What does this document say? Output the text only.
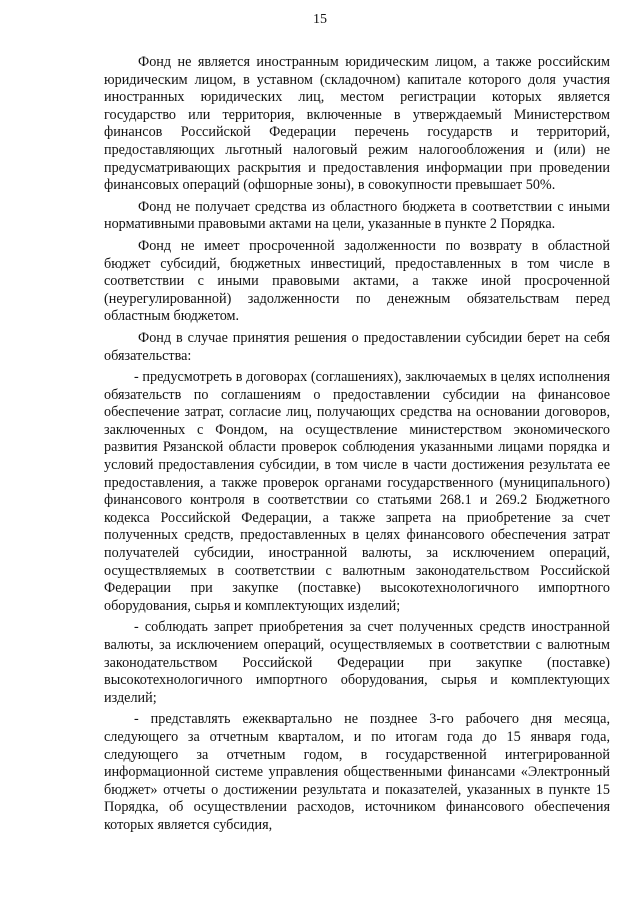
15

Фонд не является иностранным юридическим лицом, а также российским юридическим лицом, в уставном (складочном) капитале которого доля участия иностранных юридических лиц, местом регистрации которых является государство или территория, включенные в утверждаемый Министерством финансов Российской Федерации перечень государств и территорий, предоставляющих льготный налоговый режим налогообложения и (или) не предусматривающих раскрытия и предоставления информации при проведении финансовых операций (офшорные зоны), в совокупности превышает 50%.

Фонд не получает средства из областного бюджета в соответствии с иными нормативными правовыми актами на цели, указанные в пункте 2 Порядка.

Фонд не имеет просроченной задолженности по возврату в областной бюджет субсидий, бюджетных инвестиций, предоставленных в том числе в соответствии с иными правовыми актами, а также иной просроченной (неурегулированной) задолженности по денежным обязательствам перед областным бюджетом.

Фонд в случае принятия решения о предоставлении субсидии берет на себя обязательства:

- предусмотреть в договорах (соглашениях), заключаемых в целях исполнения обязательств по соглашениям о предоставлении субсидии на финансовое обеспечение затрат, согласие лиц, получающих средства на основании договоров, заключенных с Фондом, на осуществление министерством экономического развития Рязанской области проверок соблюдения указанными лицами порядка и условий предоставления субсидии, в том числе в части достижения результата ее предоставления, а также проверок органами государственного (муниципального) финансового контроля в соответствии со статьями 268.1 и 269.2 Бюджетного кодекса Российской Федерации, а также запрета на приобретение за счет полученных средств, предоставленных в целях финансового обеспечения затрат получателей субсидии, иностранной валюты, за исключением операций, осуществляемых в соответствии с валютным законодательством Российской Федерации при закупке (поставке) высокотехнологичного импортного оборудования, сырья и комплектующих изделий;

- соблюдать запрет приобретения за счет полученных средств иностранной валюты, за исключением операций, осуществляемых в соответствии с валютным законодательством Российской Федерации при закупке (поставке) высокотехнологичного импортного оборудования, сырья и комплектующих изделий;

- представлять ежеквартально не позднее 3-го рабочего дня месяца, следующего за отчетным кварталом, и по итогам года до 15 января года, следующего за отчетным годом, в государственной интегрированной информационной системе управления общественными финансами «Электронный бюджет» отчеты о достижении результата и показателей, указанных в пункте 15 Порядка, об осуществлении расходов, источником финансового обеспечения которых является субсидия,
